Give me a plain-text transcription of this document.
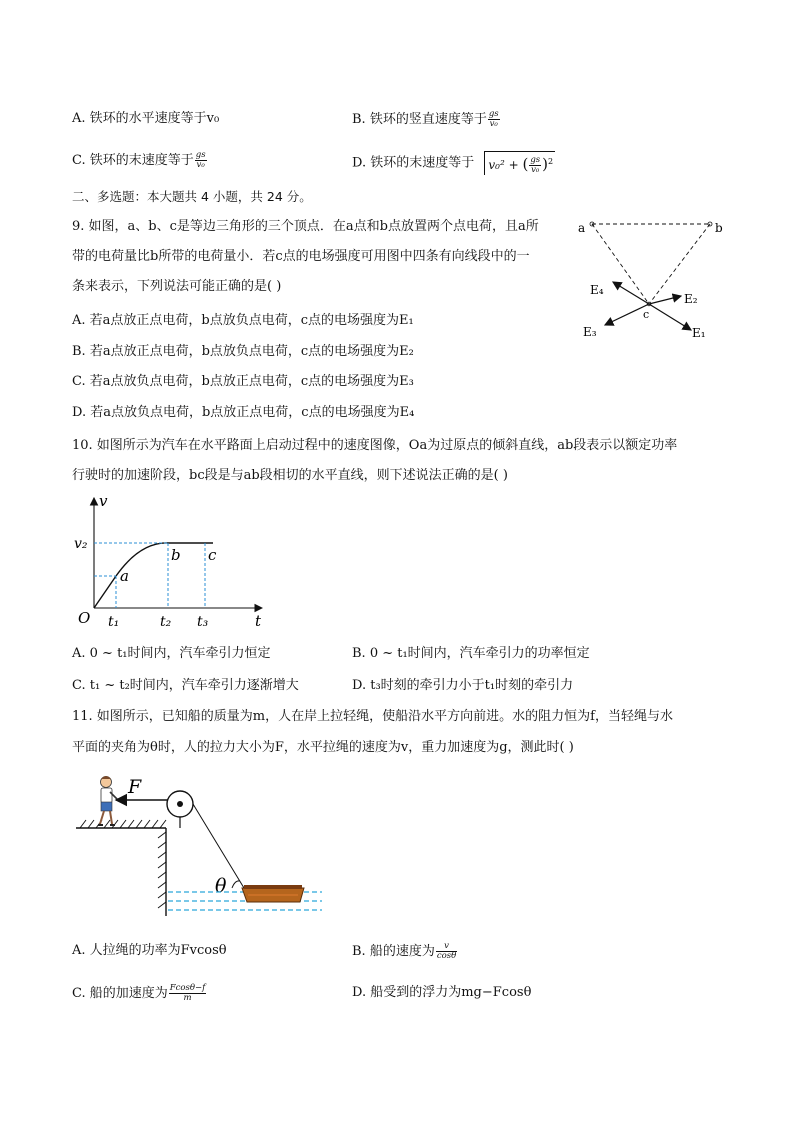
A. 铁环的水平速度等于v₀	B. 铁环的竖直速度等于 $\frac{gs}{\text{v₀}}$
C. 铁环的末速度等于 $\frac{gs}{\text{v₀}}$	D. 铁环的末速度等于 v₀² + ( $\frac{gs}{\text{v₀}} )^2$
二、多选题：本大题共 4 小题，共 24 分。
9. 如图，a、b、c是等边三角形的三个顶点．在a点和b点放置两个点电荷，且a所
带的电荷量比b所带的电荷量小．若c点的电场强度可用图中四条有向线段中的一
条来表示，下列说法可能正确的是( )
A. 若a点放正点电荷，b点放负点电荷，c点的电场强度为E₁
B. 若a点放正点电荷，b点放负点电荷，c点的电场强度为E₂
C. 若a点放负点电荷，b点放正点电荷，c点的电场强度为E₃
D. 若a点放负点电荷，b点放正点电荷，c点的电场强度为E₄
a	b
c
E₁
E₂
E₃
E₄
10. 如图所示为汽车在水平路面上启动过程中的速度图像，Oa为过原点的倾斜直线，ab段表示以额定功率
行驶时的加速阶段，bc段是与ab段相切的水平直线，则下述说法正确的是( )
v
v₂
t
O t₁	t₂ t₃
a
b c
A. 0 ~ t₁时间内，汽车牵引力恒定	B. 0 ~ t₁时间内，汽车牵引力的功率恒定
C. t₁ ~ t₂时间内，汽车牵引力逐渐增大	D. t₃时刻的牵引力小于t₁时刻的牵引力
11. 如图所示，已知船的质量为m，人在岸上拉轻绳，使船沿水平方向前进。水的阻力恒为f，当轻绳与水
平面的夹角为θ时，人的拉力大小为F，水平拉绳的速度为v，重力加速度为g，测此时( )
F
θ
A. 人拉绳的功率为Fvcosθ	B. 船的速度为 $\frac{v}{\cos\theta}$
C. 船的加速度为 $\frac{Fcos\theta-f}{m}$	D. 船受到的浮力为mg−Fcosθ
